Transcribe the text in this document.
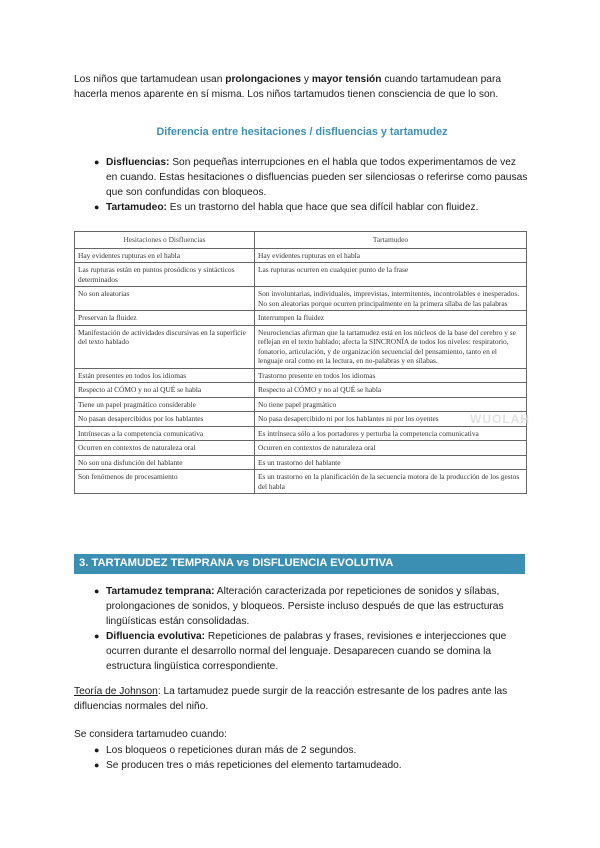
Los niños que tartamudean usan prolongaciones y mayor tensión cuando tartamudean para hacerla menos aparente en sí misma. Los niños tartamudos tienen consciencia de que lo son.

Diferencia entre hesitaciones / disfluencias y tartamudez

● Disfluencias: Son pequeñas interrupciones en el habla que todos experimentamos de vez en cuando. Estas hesitaciones o disfluencias pueden ser silenciosas o referirse como pausas que son confundidas con bloqueos.
● Tartamudeo: Es un trastorno del habla que hace que sea difícil hablar con fluidez.
Hesitaciones o Disfluencias	Tartamudeo
Hay evidentes rupturas en el habla	Hay evidentes rupturas en el habla
Las rupturas están en puntos prosódicos y sintácticos determinados	Las rupturas ocurren en cualquier punto de la frase
No son aleatorias	Son involuntarias, individuales, imprevistas, intermitentes, incontrolables e inesperados. No son aleatorias porque ocurren principalmente en la primera sílaba de las palabras
Preservan la fluidez	Interrumpen la fluidez
Manifestación de actividades discursivas en la superficie del texto hablado	Neurociencias afirman que la tartamudez está en los núcleos de la base del cerebro y se reflejan en el texto hablado; afecta la SINCRONÍA de todos los niveles: respiratorio, fonatorio, articulación, y de organización secuencial del pensamiento, tanto en el lenguaje oral como en la lectura, en no-palabras y en sílabas.
Están presentes en todos los idiomas	Trastorno presente en todos los idiomas
Respecto al CÓMO y no al QUÉ se habla	Respecto al CÓMO y no al QUÉ se habla
Tiene un papel pragmático considerable	No tiene papel pragmático
No pasan desapercibidos por los hablantes	No pasa desapercibido ni por los hablantes ni por los oyentes
Intrínsecas a la competencia comunicativa	Es intrínseca sólo a los portadores y perturba la competencia comunicativa
Ocurren en contextos de naturaleza oral	Ocurren en contextos de naturaleza oral
No son una disfunción del hablante	Es un trastorno del hablante
Son fenómenos de procesamiento	Es un trastorno en la planificación de la secuencia motora de la producción de los gestos del habla
WUOLAH
3. TARTAMUDEZ TEMPRANA vs DISFLUENCIA EVOLUTIVA
● Tartamudez temprana: Alteración caracterizada por repeticiones de sonidos y sílabas, prolongaciones de sonidos, y bloqueos. Persiste incluso después de que las estructuras lingüísticas están consolidadas.
● Difluencia evolutiva: Repeticiones de palabras y frases, revisiones e interjecciones que ocurren durante el desarrollo normal del lenguaje. Desaparecen cuando se domina la estructura lingüística correspondiente.

Teoría de Johnson: La tartamudez puede surgir de la reacción estresante de los padres ante las difluencias normales del niño.

Se considera tartamudeo cuando:

● Los bloqueos o repeticiones duran más de 2 segundos.
● Se producen tres o más repeticiones del elemento tartamudeado.
